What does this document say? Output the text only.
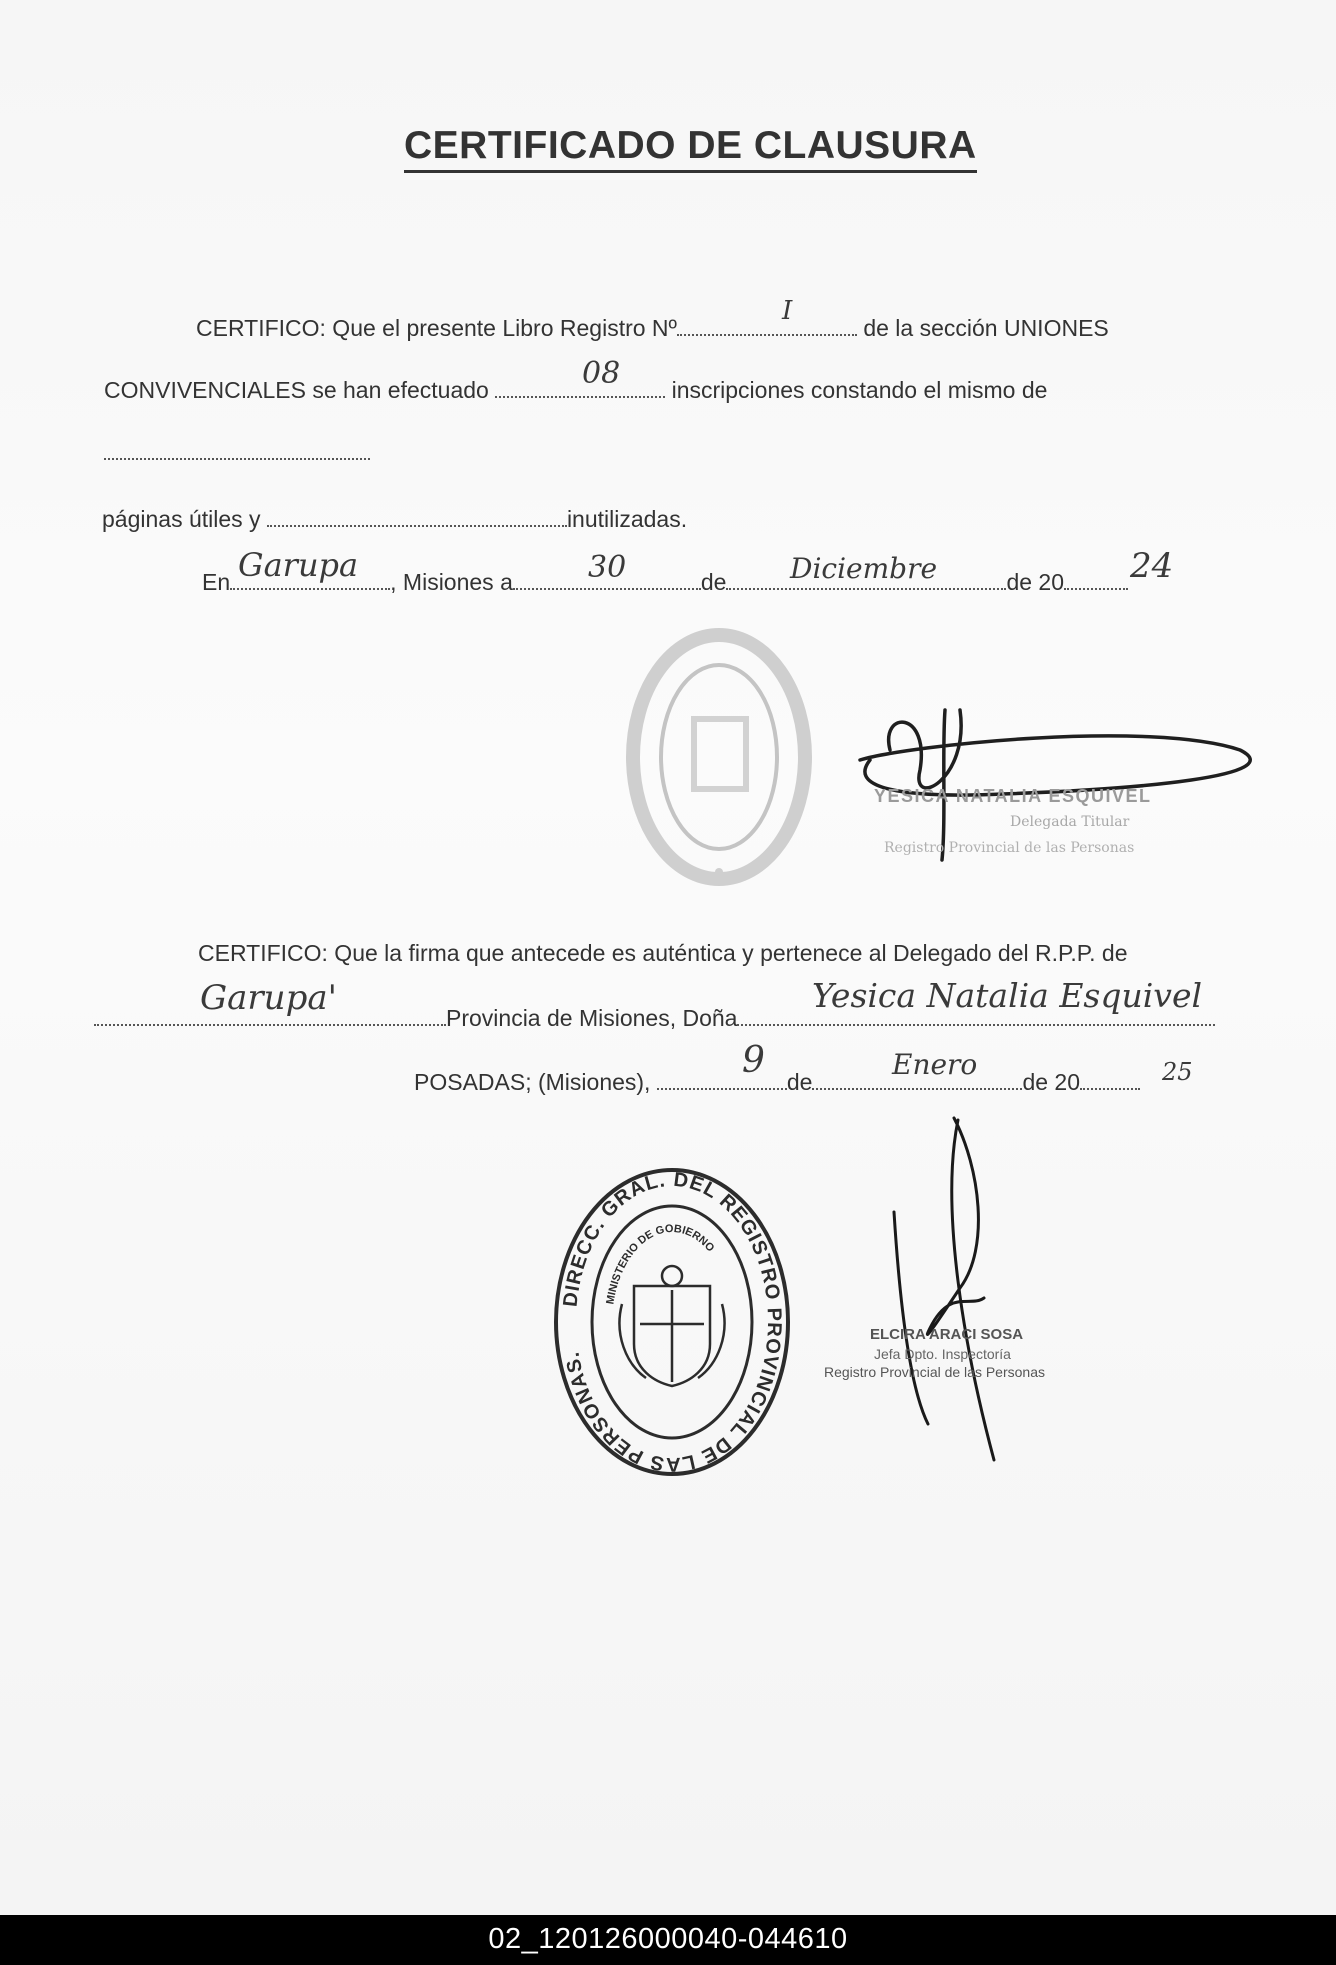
CERTIFICADO DE CLAUSURA
CERTIFICO: Que el presente Libro Registro Nº	de la sección UNIONES
I
CONVIVENCIALES se han efectuado	inscripciones constando el mismo de
08
páginas útiles y	inutilizadas.
En	, Misiones a	de	de 20
Garupa	30	Diciembre	24
YESICA NATALIA ESQUIVEL
Delegada Titular
Registro Provincial de las Personas
CERTIFICO: Que la firma que antecede es auténtica y pertenece al Delegado del R.P.P. de
Provincia de Misiones, Doña
Garupa'	Yesica Natalia Esquivel
POSADAS; (Misiones),	de	de 20
9	Enero	25
DIRECC. GRAL. DEL REGISTRO PROVINCIAL DE LAS PERSONAS.
MINISTERIO DE GOBIERNO
ELCIRA ARACI SOSA
Jefa Dpto. Inspectoría
Registro Provincial de las Personas
02_120126000040-044610
